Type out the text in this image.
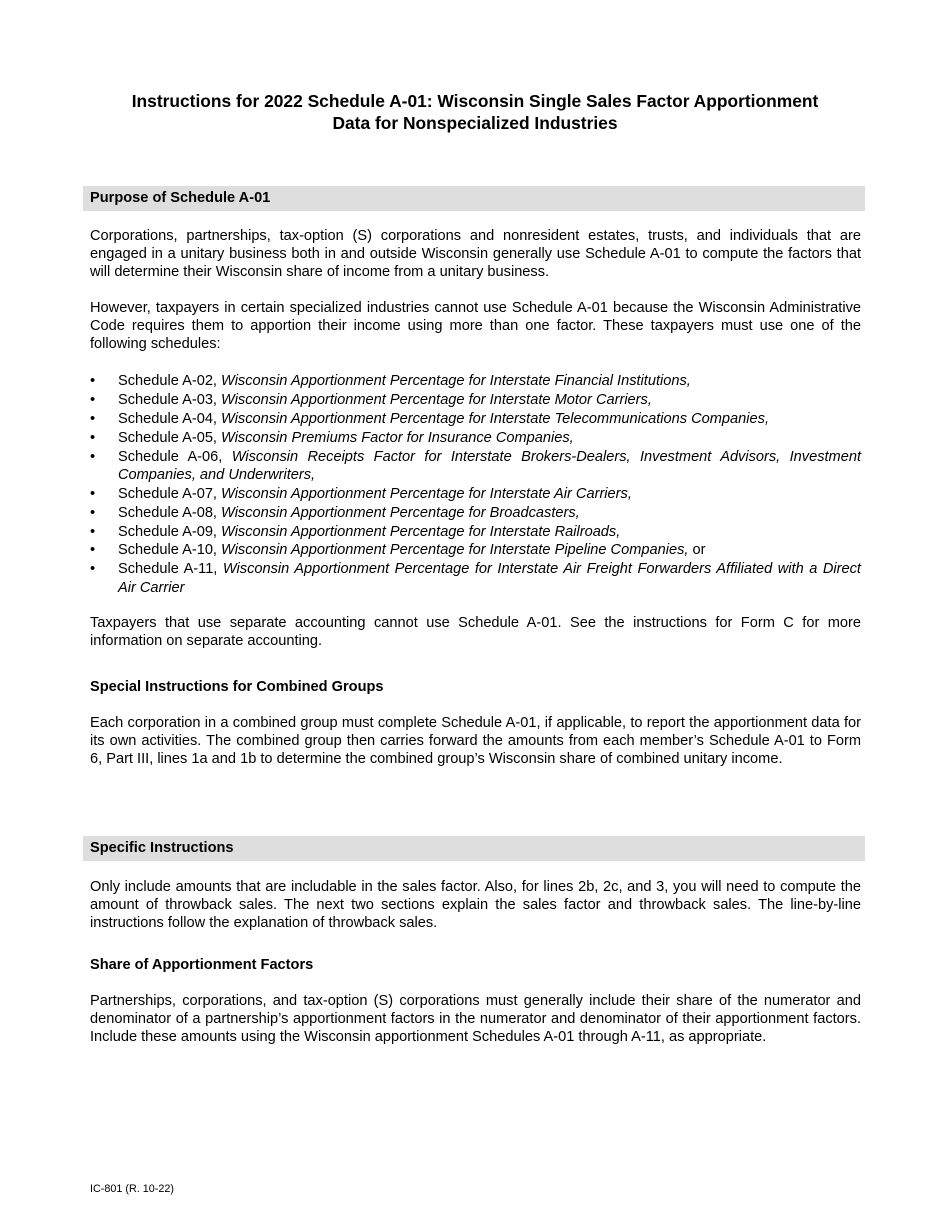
Instructions for 2022 Schedule A-01: Wisconsin Single Sales Factor Apportionment
Data for Nonspecialized Industries
Purpose of Schedule A-01

Corporations, partnerships, tax-option (S) corporations and nonresident estates, trusts, and individuals that are engaged in a unitary business both in and outside Wisconsin generally use Schedule A-01 to compute the factors that will determine their Wisconsin share of income from a unitary business.

However, taxpayers in certain specialized industries cannot use Schedule A-01 because the Wisconsin Administrative Code requires them to apportion their income using more than one factor. These taxpayers must use one of the following schedules:

• Schedule A-02, Wisconsin Apportionment Percentage for Interstate Financial Institutions,
• Schedule A-03, Wisconsin Apportionment Percentage for Interstate Motor Carriers,
• Schedule A-04, Wisconsin Apportionment Percentage for Interstate Telecommunications Companies,
• Schedule A-05, Wisconsin Premiums Factor for Insurance Companies,
• Schedule A-06, Wisconsin Receipts Factor for Interstate Brokers-Dealers, Investment Advisors, Investment Companies, and Underwriters,
• Schedule A-07, Wisconsin Apportionment Percentage for Interstate Air Carriers,
• Schedule A-08, Wisconsin Apportionment Percentage for Broadcasters,
• Schedule A-09, Wisconsin Apportionment Percentage for Interstate Railroads,
• Schedule A-10, Wisconsin Apportionment Percentage for Interstate Pipeline Companies, or
• Schedule A-11, Wisconsin Apportionment Percentage for Interstate Air Freight Forwarders Affiliated with a Direct Air Carrier

Taxpayers that use separate accounting cannot use Schedule A-01. See the instructions for Form C for more information on separate accounting.

Special Instructions for Combined Groups

Each corporation in a combined group must complete Schedule A-01, if applicable, to report the apportionment data for its own activities. The combined group then carries forward the amounts from each member’s Schedule A-01 to Form 6, Part III, lines 1a and 1b to determine the combined group’s Wisconsin share of combined unitary income.

Specific Instructions

Only include amounts that are includable in the sales factor. Also, for lines 2b, 2c, and 3, you will need to compute the amount of throwback sales. The next two sections explain the sales factor and throwback sales. The line-by-line instructions follow the explanation of throwback sales.

Share of Apportionment Factors

Partnerships, corporations, and tax-option (S) corporations must generally include their share of the numerator and denominator of a partnership’s apportionment factors in the numerator and denominator of their apportionment factors. Include these amounts using the Wisconsin apportionment Schedules A-01 through A-11, as appropriate.

IC-801 (R. 10-22)
